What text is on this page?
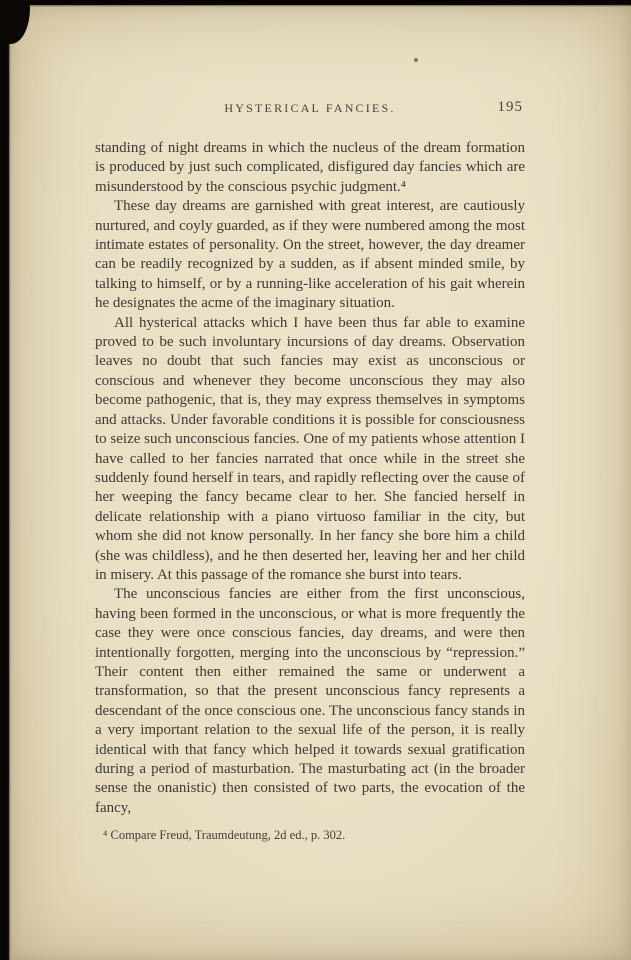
HYSTERICAL FANCIES.	195

standing of night dreams in which the nucleus of the dream formation is produced by just such complicated, disfigured day fancies which are misunderstood by the conscious psychic judgment.⁴

These day dreams are garnished with great interest, are cautiously nurtured, and coyly guarded, as if they were numbered among the most intimate estates of personality. On the street, however, the day dreamer can be readily recognized by a sudden, as if absent minded smile, by talking to himself, or by a running-like acceleration of his gait wherein he designates the acme of the imaginary situation.

All hysterical attacks which I have been thus far able to examine proved to be such involuntary incursions of day dreams. Observation leaves no doubt that such fancies may exist as unconscious or conscious and whenever they become unconscious they may also become pathogenic, that is, they may express themselves in symptoms and attacks. Under favorable conditions it is possible for consciousness to seize such unconscious fancies. One of my patients whose attention I have called to her fancies narrated that once while in the street she suddenly found herself in tears, and rapidly reflecting over the cause of her weeping the fancy became clear to her. She fancied herself in delicate relationship with a piano virtuoso familiar in the city, but whom she did not know personally. In her fancy she bore him a child (she was childless), and he then deserted her, leaving her and her child in misery. At this passage of the romance she burst into tears.

The unconscious fancies are either from the first unconscious, having been formed in the unconscious, or what is more frequently the case they were once conscious fancies, day dreams, and were then intentionally forgotten, merging into the unconscious by “repression.” Their content then either remained the same or underwent a transformation, so that the present unconscious fancy represents a descendant of the once conscious one. The unconscious fancy stands in a very important relation to the sexual life of the person, it is really identical with that fancy which helped it towards sexual gratification during a period of masturbation. The masturbating act (in the broader sense the onanistic) then consisted of two parts, the evocation of the fancy,

⁴ Compare Freud, Traumdeutung, 2d ed., p. 302.
